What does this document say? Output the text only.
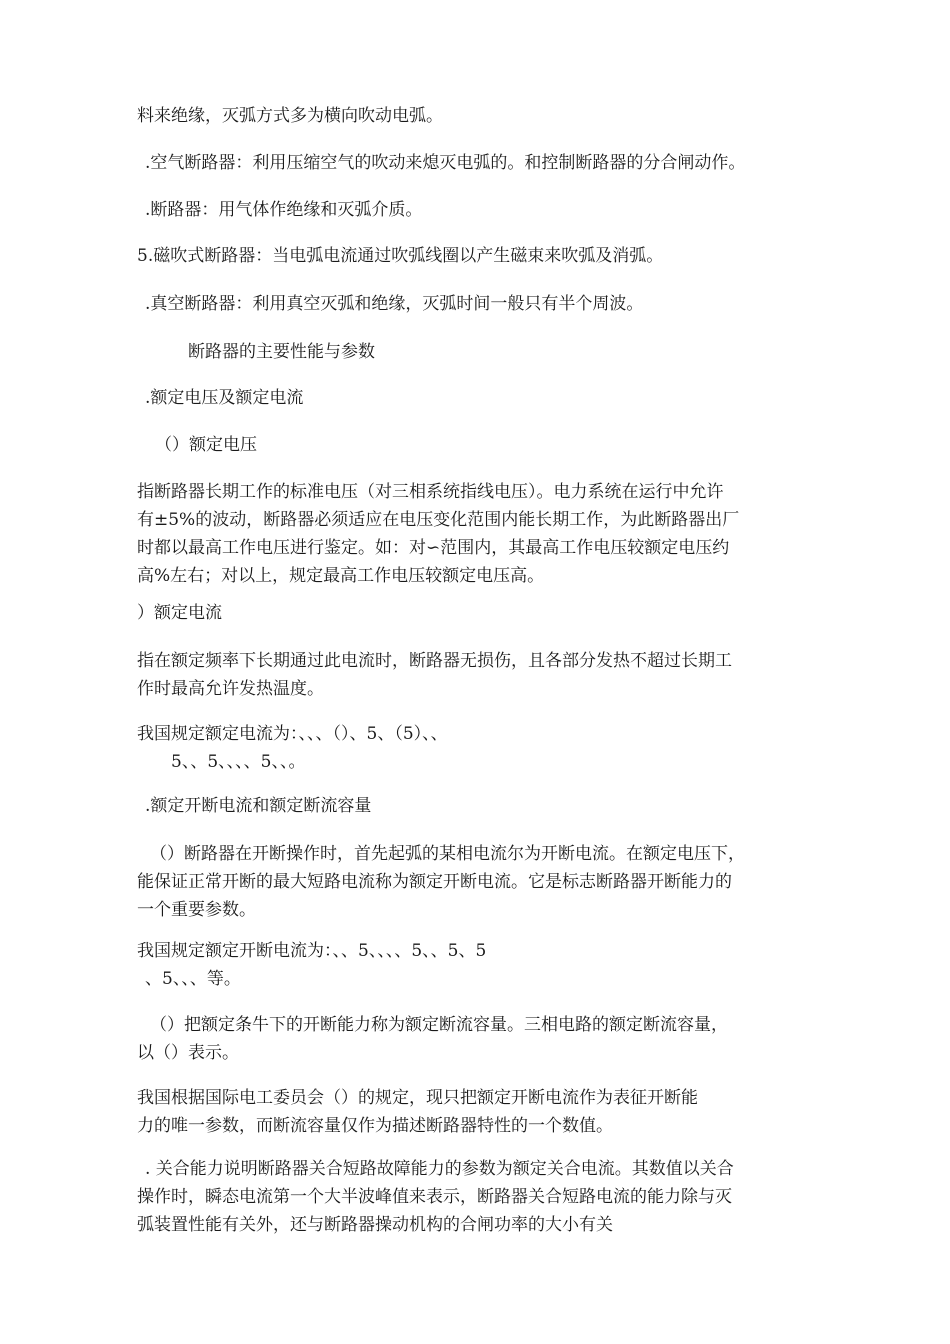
料来绝缘，灭弧方式多为横向吹动电弧。
.空气断路器：利用压缩空气的吹动来熄灭电弧的。和控制断路器的分合闸动作。
.断路器：用气体作绝缘和灭弧介质。
5.磁吹式断路器：当电弧电流通过吹弧线圈以产生磁束来吹弧及消弧。
.真空断路器：利用真空灭弧和绝缘，灭弧时间一般只有半个周波。
断路器的主要性能与参数
.额定电压及额定电流
（）额定电压
指断路器长期工作的标准电压（对三相系统指线电压）。电力系统在运行中允许
有±5%的波动，断路器必须适应在电压变化范围内能长期工作，为此断路器出厂
时都以最高工作电压进行鉴定。如：对∽范围内，其最高工作电压较额定电压约
高%左右；对以上，规定最高工作电压较额定电压高。
）额定电流
指在额定频率下长期通过此电流时，断路器无损伤，且各部分发热不超过长期工
作时最高允许发热温度。
我国规定额定电流为：、、、（）、5、（5）、、
5、、5、、、、5、、。
.额定开断电流和额定断流容量
（）断路器在开断操作时，首先起弧的某相电流尔为开断电流。在额定电压下，
能保证正常开断的最大短路电流称为额定开断电流。它是标志断路器开断能力的
一个重要参数。
我国规定额定开断电流为：、、5、、、、5、、5、5
、5、、、等。
（）把额定条牛下的开断能力称为额定断流容量。三相电路的额定断流容量，
以（）表示。
我国根据国际电工委员会（）的规定，现只把额定开断电流作为表征开断能
力的唯一参数，而断流容量仅作为描述断路器特性的一个数值。
. 关合能力说明断路器关合短路故障能力的参数为额定关合电流。其数值以关合
操作时，瞬态电流第一个大半波峰值来表示，断路器关合短路电流的能力除与灭
弧装置性能有关外，还与断路器操动机构的合闸功率的大小有关
